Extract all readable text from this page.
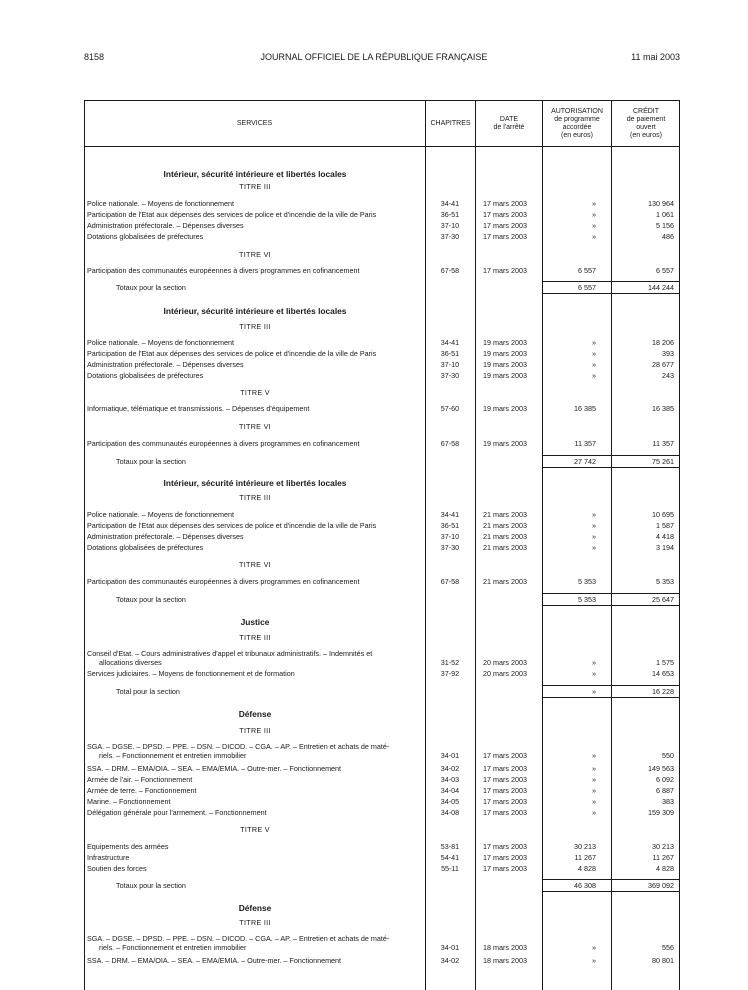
8158	JOURNAL OFFICIEL DE LA RÉPUBLIQUE FRANÇAISE	11 mai 2003
SERVICES	CHAPITRES
DATE
de l'arrêté
AUTORISATION
de programme
accordée
(en euros)
CRÉDIT
de paiement
ouvert
(en euros)
Intérieur, sécurité intérieure et libertés locales
TITRE III
Police nationale. – Moyens de fonctionnement	34-41	17 mars 2003	»	130 964
Participation de l'Etat aux dépenses des services de police et d'incendie de la ville de Paris	36-51	17 mars 2003	»	1 061
Administration préfectorale. – Dépenses diverses	37-10	17 mars 2003	»	5 156
Dotations globalisées de préfectures	37-30	17 mars 2003	»	486
TITRE VI
Participation des communautés européennes à divers programmes en cofinancement	67-58	17 mars 2003	6 557	6 557
Totaux pour la section	6 557	144 244
Intérieur, sécurité intérieure et libertés locales
TITRE III
Police nationale. – Moyens de fonctionnement	34-41	19 mars 2003	»	18 206
Participation de l'Etat aux dépenses des services de police et d'incendie de la ville de Paris	36-51	19 mars 2003	»	393
Administration préfectorale. – Dépenses diverses	37-10	19 mars 2003	»	28 677
Dotations globalisées de préfectures	37-30	19 mars 2003	»	243
TITRE V
Informatique, télématique et transmissions. – Dépenses d'équipement	57-60	19 mars 2003	16 385	16 385
TITRE VI
Participation des communautés européennes à divers programmes en cofinancement	67-58	19 mars 2003	11 357	11 357
Totaux pour la section	27 742	75 261
Intérieur, sécurité intérieure et libertés locales
TITRE III
Police nationale. – Moyens de fonctionnement	34-41	21 mars 2003	»	10 695
Participation de l'Etat aux dépenses des services de police et d'incendie de la ville de Paris	36-51	21 mars 2003	»	1 587
Administration préfectorale. – Dépenses diverses	37-10	21 mars 2003	»	4 418
Dotations globalisées de préfectures	37-30	21 mars 2003	»	3 194
TITRE VI
Participation des communautés européennes à divers programmes en cofinancement	67-58	21 mars 2003	5 353	5 353
Totaux pour la section	5 353	25 647
Justice
TITRE III
Conseil d'Etat. – Cours administratives d'appel et tribunaux administratifs. – Indemnités et
allocations diverses	31-52	20 mars 2003	»	1 575
Services judiciaires. – Moyens de fonctionnement et de formation	37-92	20 mars 2003	»	14 653
Total pour la section	»	16 228
Défense
TITRE III
SGA. – DGSE. – DPSD. – PPE. – DSN. – DICOD. – CGA. – AP. – Entretien et achats de maté-
riels. – Fonctionnement et entretien immobilier	34-01	17 mars 2003	»	550
SSA. – DRM. – EMA/OIA. – SEA. – EMA/EMIA. – Outre-mer. – Fonctionnement	34-02	17 mars 2003	»	149 563
Armée de l'air. – Fonctionnement	34-03	17 mars 2003	»	6 092
Armée de terre. – Fonctionnement	34-04	17 mars 2003	»	6 887
Marine. – Fonctionnement	34-05	17 mars 2003	»	383
Délégation générale pour l'armement. – Fonctionnement	34-08	17 mars 2003	»	159 309
TITRE V
Equipements des armées	53-81	17 mars 2003	30 213	30 213
Infrastructure	54-41	17 mars 2003	11 267	11 267
Soutien des forces	55-11	17 mars 2003	4 828	4 828
Totaux pour la section	46 308	369 092
Défense
TITRE III
SGA. – DGSE. – DPSD. – PPE. – DSN. – DICOD. – CGA. – AP. – Entretien et achats de maté-
riels. – Fonctionnement et entretien immobilier	34-01	18 mars 2003	»	556
SSA. – DRM. – EMA/OIA. – SEA. – EMA/EMIA. – Outre-mer. – Fonctionnement	34-02	18 mars 2003	»	80 801
